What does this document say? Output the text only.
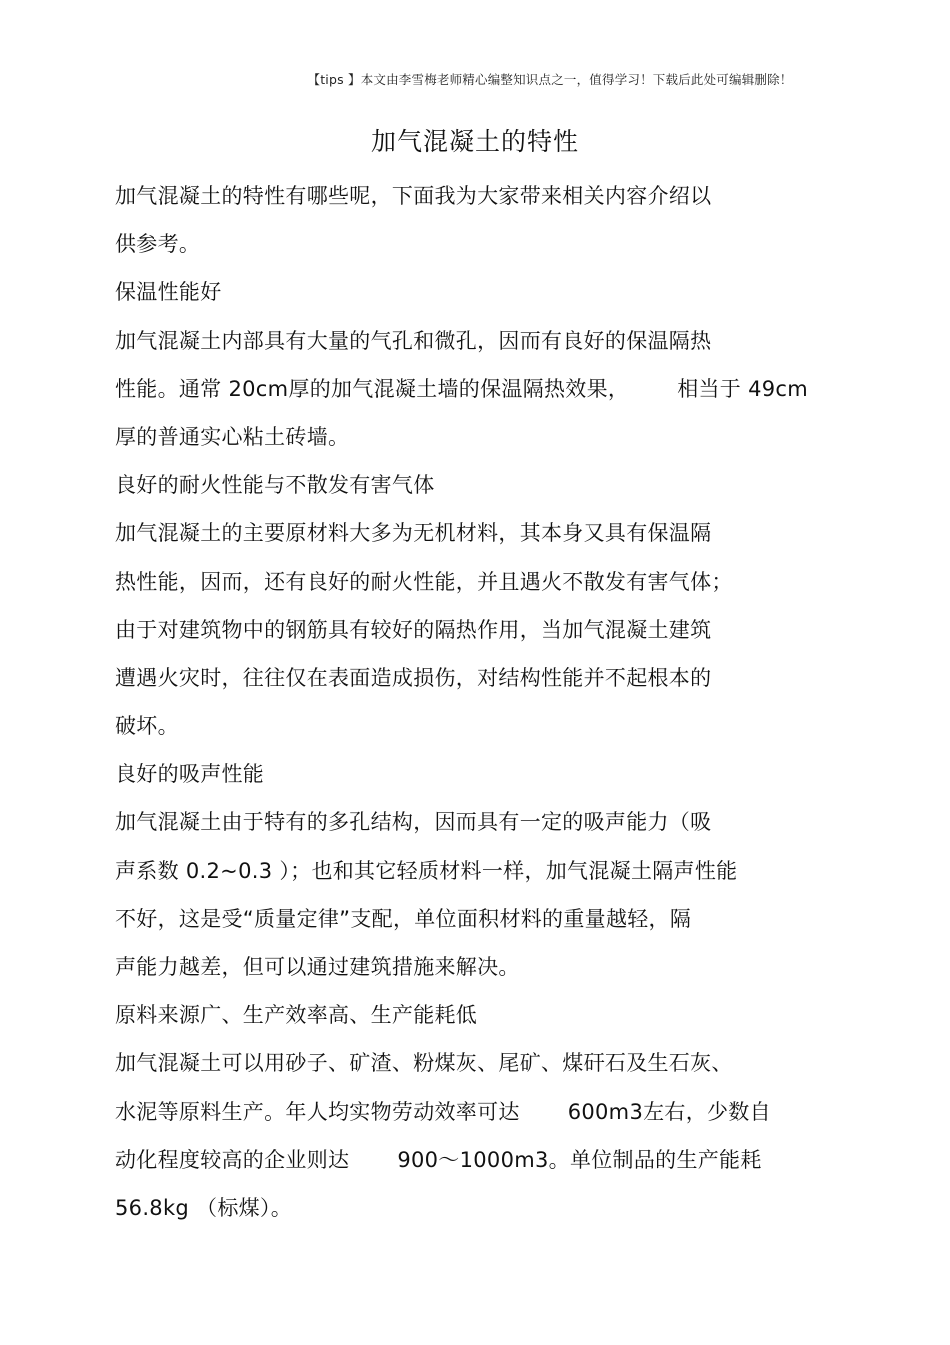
【tips 】本文由李雪梅老师精心编整知识点之一，值得学习！下载后此处可编辑删除！
加气混凝土的特性
加气混凝土的特性有哪些呢，下面我为大家带来相关内容介绍以
供参考。
保温性能好
加气混凝土内部具有大量的气孔和微孔，因而有良好的保温隔热
性能。通常 20cm厚的加气混凝土墙的保温隔热效果， 相当于 49cm
厚的普通实心粘土砖墙。
良好的耐火性能与不散发有害气体
加气混凝土的主要原材料大多为无机材料，其本身又具有保温隔
热性能，因而，还有良好的耐火性能，并且遇火不散发有害气体；
由于对建筑物中的钢筋具有较好的隔热作用，当加气混凝土建筑
遭遇火灾时，往往仅在表面造成损伤，对结构性能并不起根本的
破坏。
良好的吸声性能
加气混凝土由于特有的多孔结构，因而具有一定的吸声能力（吸
声系数 0.2~0.3 ）；也和其它轻质材料一样，加气混凝土隔声性能
不好，这是受“质量定律”支配，单位面积材料的重量越轻，隔
声能力越差，但可以通过建筑措施来解决。
原料来源广、生产效率高、生产能耗低
加气混凝土可以用砂子、矿渣、粉煤灰、尾矿、煤矸石及生石灰、
水泥等原料生产。年人均实物劳动效率可达 600m3左右，少数自
动化程度较高的企业则达 900～1000m3。单位制品的生产能耗
56.8kg （标煤）。
